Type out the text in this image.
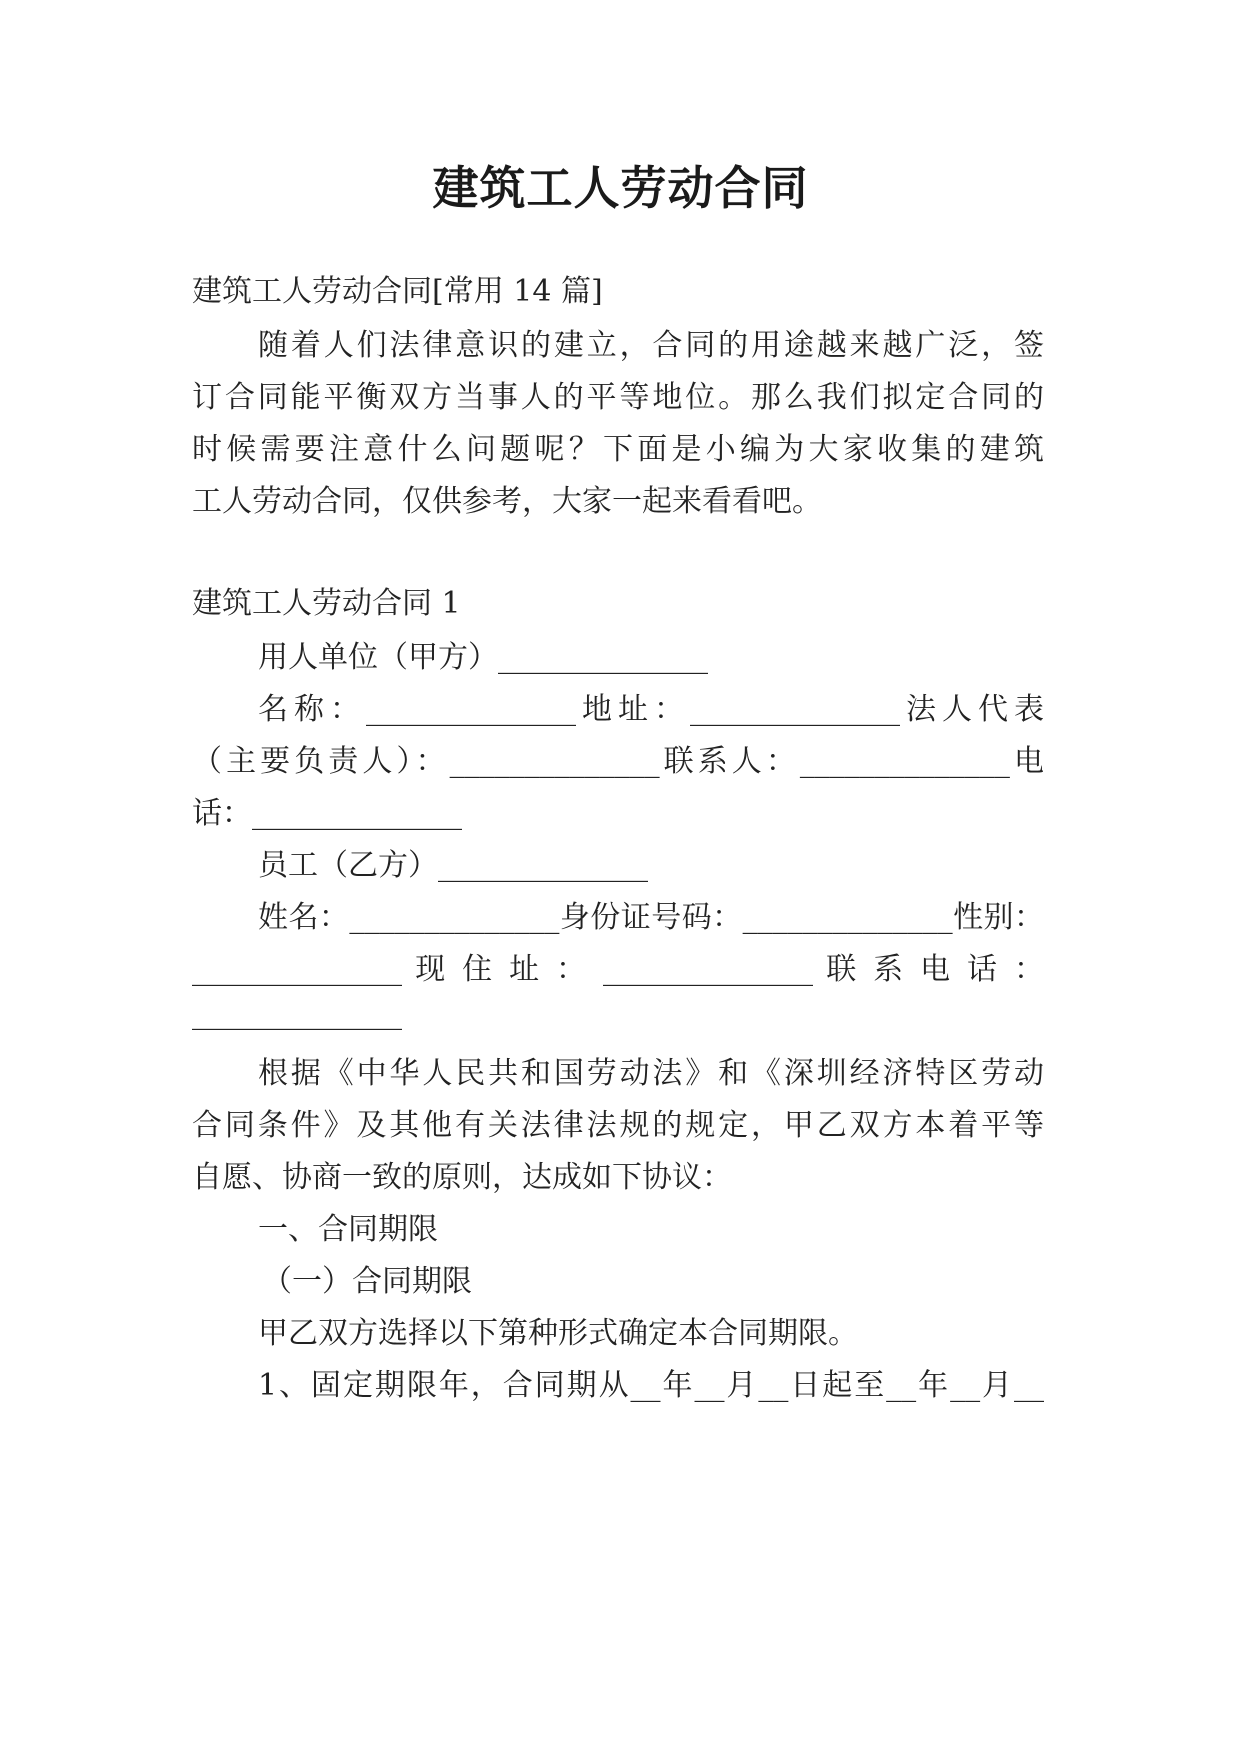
建筑工人劳动合同

建筑工人劳动合同[常用 14 篇]

随着人们法律意识的建立，合同的用途越来越广泛，签

订合同能平衡双方当事人的平等地位。那么我们拟定合同的

时候需要注意什么问题呢？下面是小编为大家收集的建筑

工人劳动合同，仅供参考，大家一起来看看吧。

建筑工人劳动合同 1

用人单位（甲方）______________

名称：______________地址：______________法人代表

（主要负责人）：______________联系人：______________电

话：______________

员工（乙方）______________

姓名：______________身份证号码：______________性别：

______________ 现 住 址 ： ______________ 联 系 电 话 ：

______________

根据《中华人民共和国劳动法》和《深圳经济特区劳动

合同条件》及其他有关法律法规的规定，甲乙双方本着平等

自愿、协商一致的原则，达成如下协议：

一、合同期限

（一）合同期限

甲乙双方选择以下第种形式确定本合同期限。

1、固定期限年，合同期从__年__月__日起至__年__月__
